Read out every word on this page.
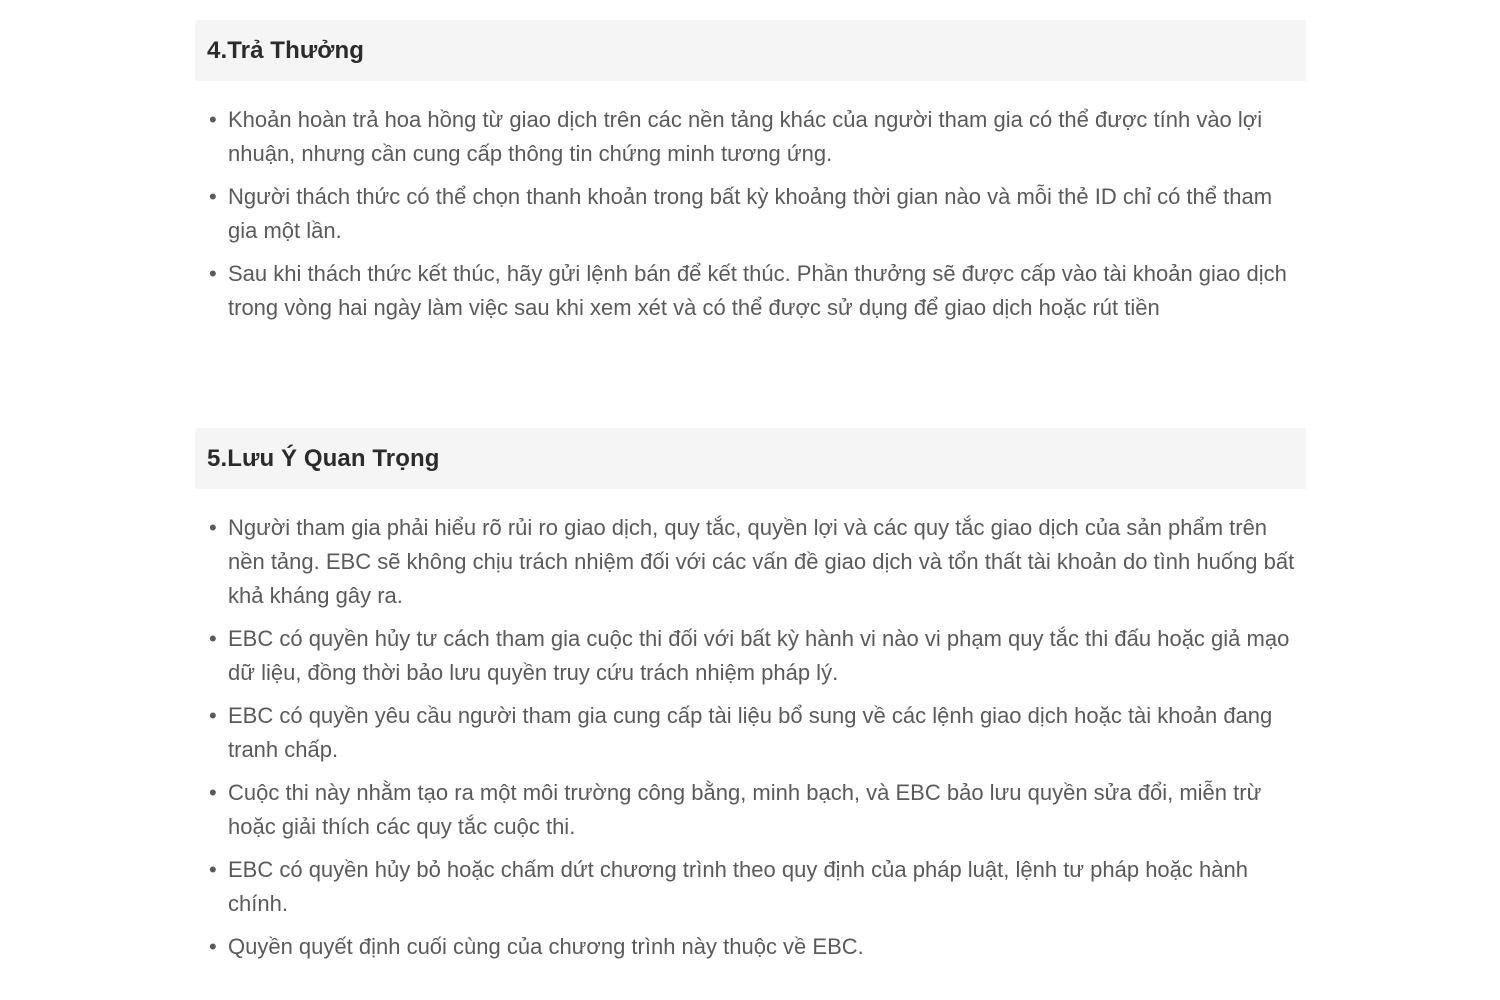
4.Trả Thưởng
• Khoản hoàn trả hoa hồng từ giao dịch trên các nền tảng khác của người tham gia có thể được tính vào lợi nhuận, nhưng cần cung cấp thông tin chứng minh tương ứng.
• Người thách thức có thể chọn thanh khoản trong bất kỳ khoảng thời gian nào và mỗi thẻ ID chỉ có thể tham gia một lần.
• Sau khi thách thức kết thúc, hãy gửi lệnh bán để kết thúc. Phần thưởng sẽ được cấp vào tài khoản giao dịch trong vòng hai ngày làm việc sau khi xem xét và có thể được sử dụng để giao dịch hoặc rút tiền
5.Lưu Ý Quan Trọng
• Người tham gia phải hiểu rõ rủi ro giao dịch, quy tắc, quyền lợi và các quy tắc giao dịch của sản phẩm trên nền tảng. EBC sẽ không chịu trách nhiệm đối với các vấn đề giao dịch và tổn thất tài khoản do tình huống bất khả kháng gây ra.
• EBC có quyền hủy tư cách tham gia cuộc thi đối với bất kỳ hành vi nào vi phạm quy tắc thi đấu hoặc giả mạo dữ liệu, đồng thời bảo lưu quyền truy cứu trách nhiệm pháp lý.
• EBC có quyền yêu cầu người tham gia cung cấp tài liệu bổ sung về các lệnh giao dịch hoặc tài khoản đang tranh chấp.
• Cuộc thi này nhằm tạo ra một môi trường công bằng, minh bạch, và EBC bảo lưu quyền sửa đổi, miễn trừ hoặc giải thích các quy tắc cuộc thi.
• EBC có quyền hủy bỏ hoặc chấm dứt chương trình theo quy định của pháp luật, lệnh tư pháp hoặc hành chính.
• Quyền quyết định cuối cùng của chương trình này thuộc về EBC.
